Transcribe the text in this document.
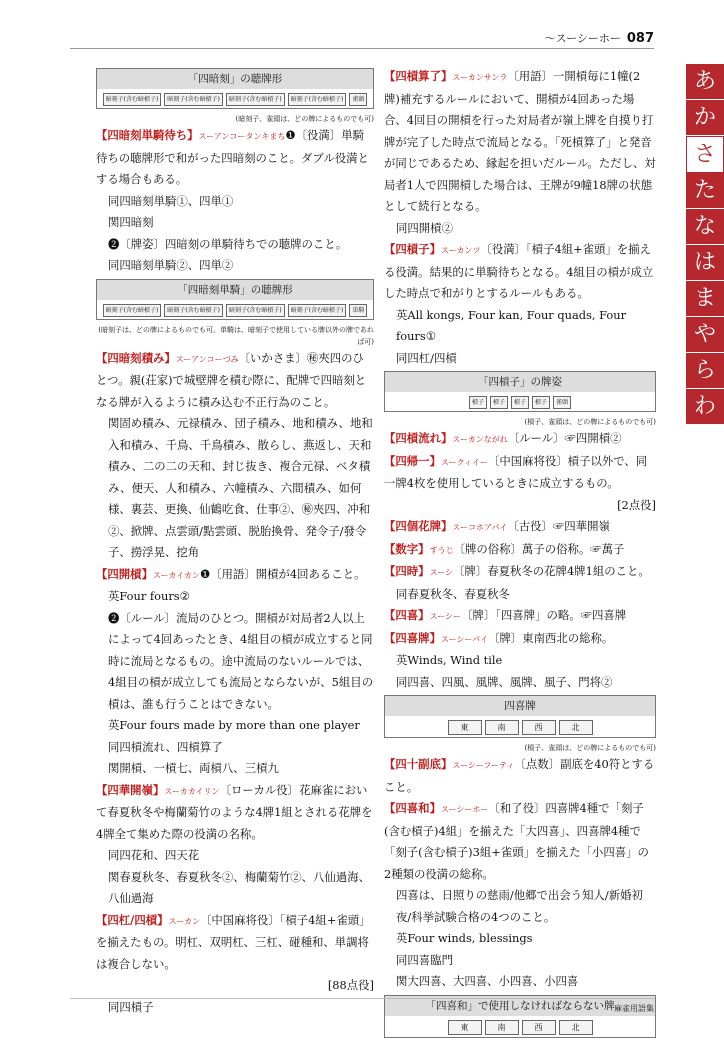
〜スーシーホー 087
あ
か
さ
た
な
は
ま
や
ら
わ
「四暗刻」の聴牌形
暗刻子(含む暗槓子)	暗刻子(含む暗槓子)	暗刻子(含む暗槓子)	暗刻子(含む暗槓子)	雀頭
(暗刻子、雀頭は、どの牌によるものでも可)
【四暗刻単騎待ち】スーアンコータンキまち❶〔役満〕単騎待ちの聴牌形で和がった四暗刻のこと。ダブル役満とする場合もある。
同四暗刻単騎①、四単①
関四暗刻
❷〔牌姿〕四暗刻の単騎待ちでの聴牌のこと。
同四暗刻単騎②、四単②
「四暗刻単騎」の聴牌形
暗刻子(含む暗槓子)	暗刻子(含む暗槓子)	暗刻子(含む暗槓子)	暗刻子(含む暗槓子)	単騎
(暗刻子は、どの牌によるものでも可。単騎は、暗刻子で使用している牌以外の牌であれば可)
【四暗刻積み】スーアンコーづみ〔いかさま〕㊙夾四のひとつ。親(荘家)で城壁牌を積む際に、配牌で四暗刻となる牌が入るように積み込む不正行為のこと。
関固め積み、元禄積み、団子積み、地和積み、地和入和積み、千鳥、千鳥積み、散らし、燕返し、天和積み、二の二の天和、封じ抜き、複合元禄、ベタ積み、便天、人和積み、六幢積み、六間積み、如何様、裏芸、更換、仙鶴吃食、仕事②、㊙夾四、冲和②、掀牌、点雲頭/點雲頭、脱胎換骨、発令子/發令子、撈浮晃、挖角
【四開槓】スーカイカン❶〔用語〕開槓が4回あること。
英Four fours②
❷〔ルール〕流局のひとつ。開槓が対局者2人以上によって4回あったとき、4組目の槓が成立すると同時に流局となるもの。途中流局のないルールでは、4組目の槓が成立しても流局とならないが、5組目の槓は、誰も行うことはできない。
英Four fours made by more than one player
同四槓流れ、四槓算了
関開槓、一槓七、両槓八、三槓九
【四華開嶺】スーカカイリン〔ローカル役〕花麻雀において春夏秋冬や梅蘭菊竹のような4牌1組とされる花牌を4牌全て集めた際の役満の名称。
同四花和、四天花
関春夏秋冬、春夏秋冬②、梅蘭菊竹②、八仙過海、八仙過海
【四杠/四槓】スーカン〔中国麻将役〕「槓子4組+雀頭」を揃えたもの。明杠、双明杠、三杠、碰種和、単調将は複合しない。
[88点役]
同四槓子
【四槓算了】スーカンサンラ〔用語〕一開槓毎に1幢(2牌)補充するルールにおいて、開槓が4回あった場合、4回目の開槓を行った対局者が嶺上牌を自摸り打牌が完了した時点で流局となる。「死槓算了」と発音が同じであるため、縁起を担いだルール。ただし、対局者1人で四開槓した場合は、王牌が9幢18牌の状態として続行となる。
同四開槓②
【四槓子】スーカンツ〔役満〕「槓子4組+雀頭」を揃える役満。結果的に単騎待ちとなる。4組目の槓が成立した時点で和がりとするルールもある。
英All kongs, Four kan, Four quads, Four fours①
同四杠/四槓
「四槓子」の牌姿
槓子	槓子	槓子	槓子	雀頭
(槓子、雀頭は、どの牌によるものでも可)
【四槓流れ】スーカンながれ〔ルール〕☞四開槓②
【四帰一】スークィイー〔中国麻将役〕槓子以外で、同一牌4枚を使用しているときに成立するもの。
[2点役]
【四個花牌】スーコホアパイ〔古役〕☞四華開嶺
【数字】すうじ〔牌の俗称〕萬子の俗称。☞萬子
【四時】スーシ〔牌〕春夏秋冬の花牌4牌1組のこと。
同春夏秋冬、春夏秋冬
【四喜】スーシー〔牌〕「四喜牌」の略。☞四喜牌
【四喜牌】スーシーパイ〔牌〕東南西北の総称。
英Winds, Wind tile
同四喜、四風、風牌、風牌、風子、門将②
四喜牌
東	南	西	北
(槓子、雀頭は、どの牌によるものでも可)
【四十副底】スーシーフーティ〔点数〕副底を40符とすること。
【四喜和】スーシーホー〔和了役〕四喜牌4種で「刻子(含む槓子)4組」を揃えた「大四喜」、四喜牌4種で「刻子(含む槓子)3組+雀頭」を揃えた「小四喜」の2種類の役満の総称。
四喜は、日照りの慈雨/他郷で出会う知人/新婚初夜/科挙試験合格の4つのこと。
英Four winds, blessings
同四喜臨門
関大四喜、大四喜、小四喜、小四喜
「四喜和」で使用しなければならない牌
東	南	西	北
麻雀用語集
